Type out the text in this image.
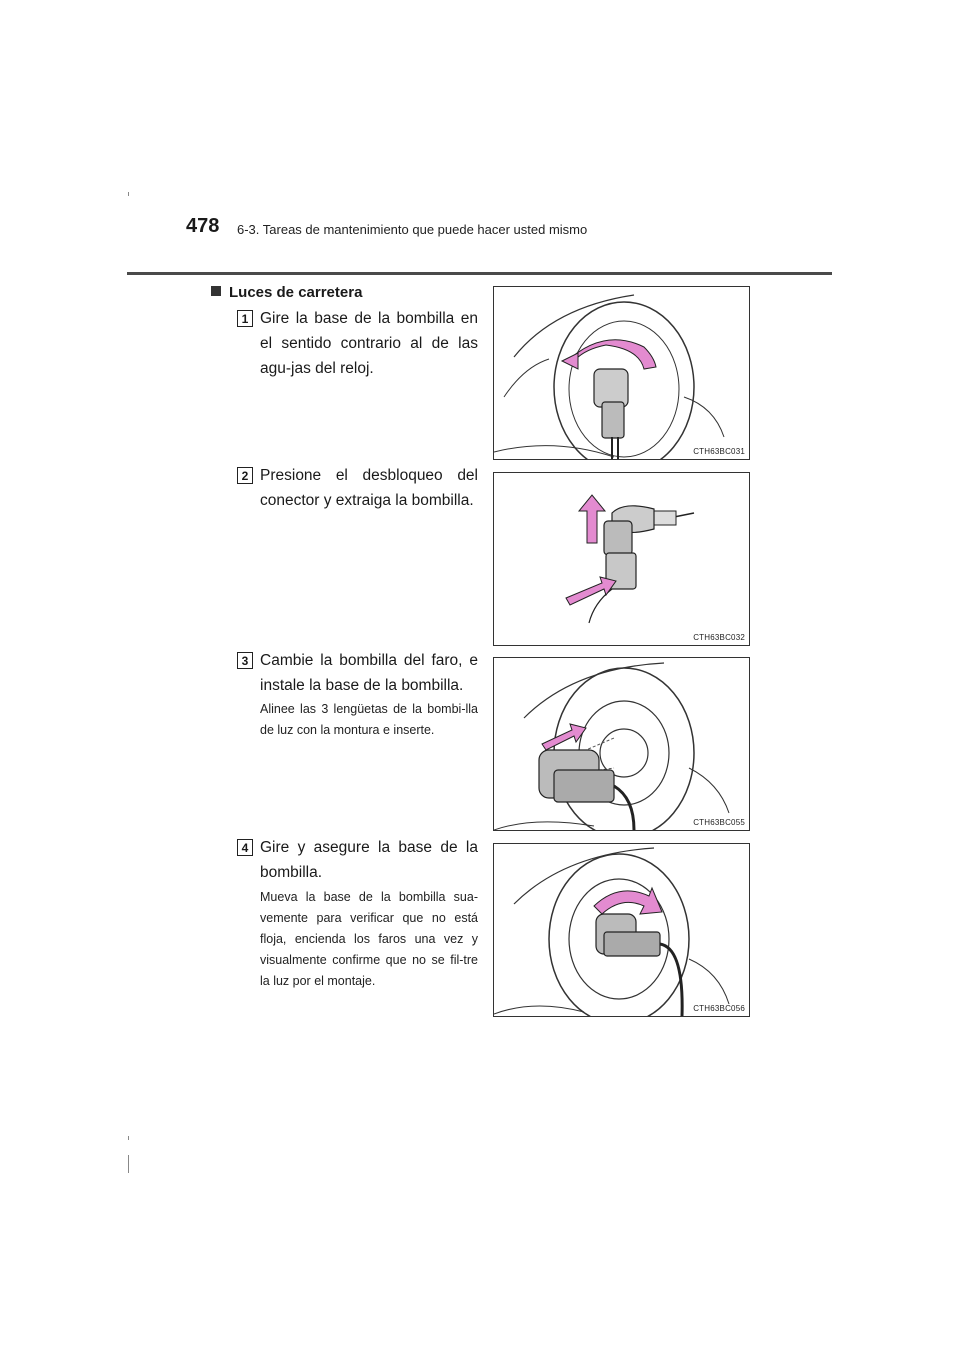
478 6-3. Tareas de mantenimiento que puede hacer usted mismo
Luces de carretera
1 Gire la base de la bombilla en el sentido contrario al de las agu-jas del reloj.
CTH63BC031
2 Presione el desbloqueo del conector y extraiga la bombilla.
CTH63BC032
3 Cambie la bombilla del faro, e instale la base de la bombilla.
Alinee las 3 lengüetas de la bombi-lla de luz con la montura e inserte.
CTH63BC055
4 Gire y asegure la base de la bombilla.
Mueva la base de la bombilla sua-vemente para verificar que no está floja, encienda los faros una vez y visualmente confirme que no se fil-tre la luz por el montaje.
CTH63BC056
